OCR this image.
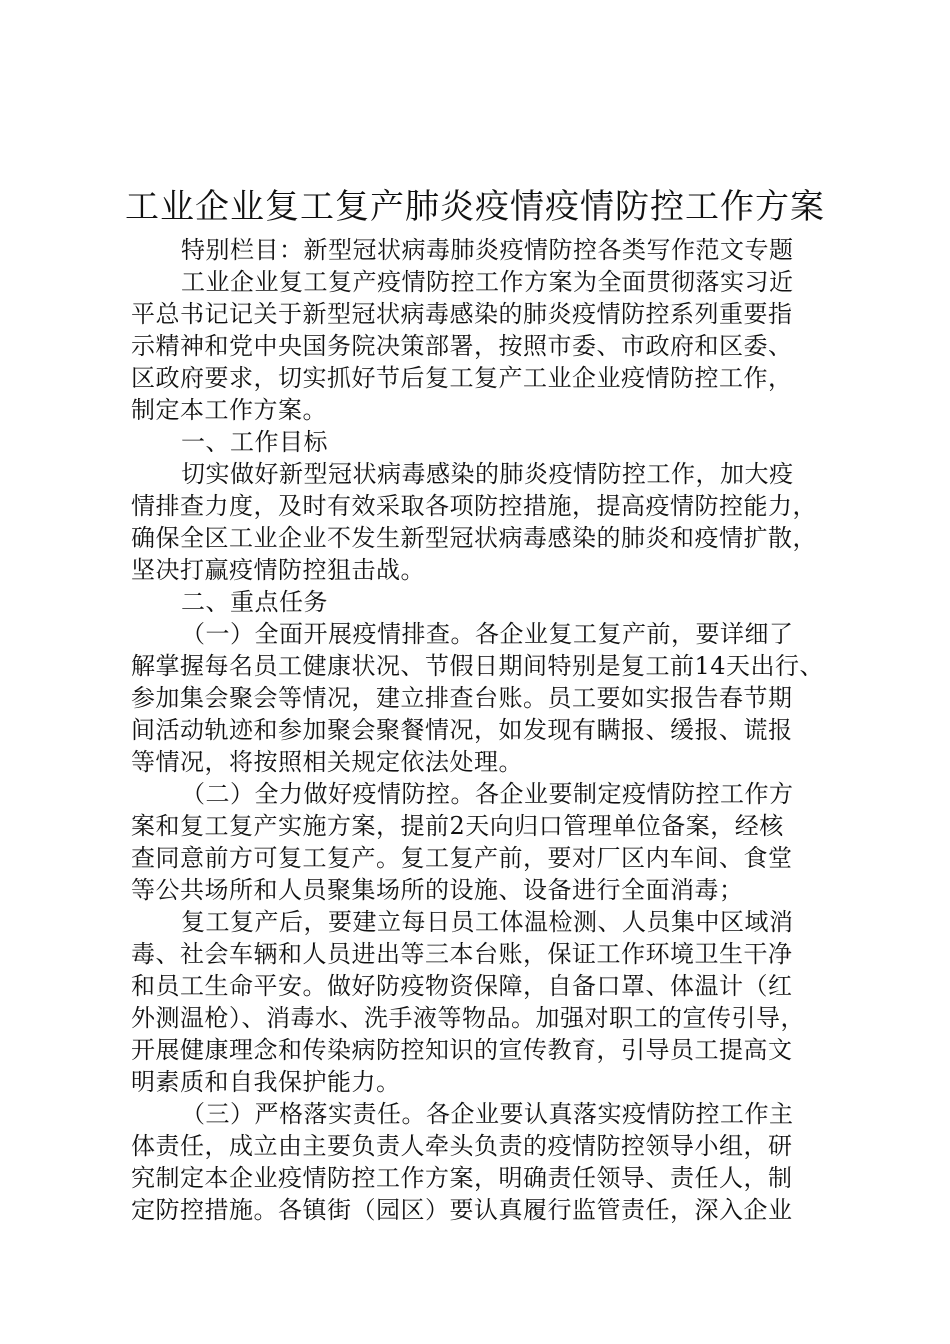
工业企业复工复产肺炎疫情疫情防控工作方案
特别栏目：新型冠状病毒肺炎疫情防控各类写作范文专题
工业企业复工复产疫情防控工作方案为全面贯彻落实习近
平总书记记关于新型冠状病毒感染的肺炎疫情防控系列重要指
示精神和党中央国务院决策部署，按照市委、市政府和区委、
区政府要求，切实抓好节后复工复产工业企业疫情防控工作，
制定本工作方案。
一、工作目标
切实做好新型冠状病毒感染的肺炎疫情防控工作，加大疫
情排查力度，及时有效采取各项防控措施，提高疫情防控能力，
确保全区工业企业不发生新型冠状病毒感染的肺炎和疫情扩散，
坚决打赢疫情防控狙击战。
二、重点任务
（一）全面开展疫情排查。各企业复工复产前，要详细了
解掌握每名员工健康状况、节假日期间特别是复工前14天出行、
参加集会聚会等情况，建立排查台账。员工要如实报告春节期
间活动轨迹和参加聚会聚餐情况，如发现有瞒报、缓报、谎报
等情况，将按照相关规定依法处理。
（二）全力做好疫情防控。各企业要制定疫情防控工作方
案和复工复产实施方案，提前2天向归口管理单位备案，经核
查同意前方可复工复产。复工复产前，要对厂区内车间、食堂
等公共场所和人员聚集场所的设施、设备进行全面消毒；
复工复产后，要建立每日员工体温检测、人员集中区域消
毒、社会车辆和人员进出等三本台账，保证工作环境卫生干净
和员工生命平安。做好防疫物资保障，自备口罩、体温计（红
外测温枪）、消毒水、洗手液等物品。加强对职工的宣传引导，
开展健康理念和传染病防控知识的宣传教育，引导员工提高文
明素质和自我保护能力。
（三）严格落实责任。各企业要认真落实疫情防控工作主
体责任，成立由主要负责人牵头负责的疫情防控领导小组，研
究制定本企业疫情防控工作方案，明确责任领导、责任人，制
定防控措施。各镇街（园区）要认真履行监管责任，深入企业
